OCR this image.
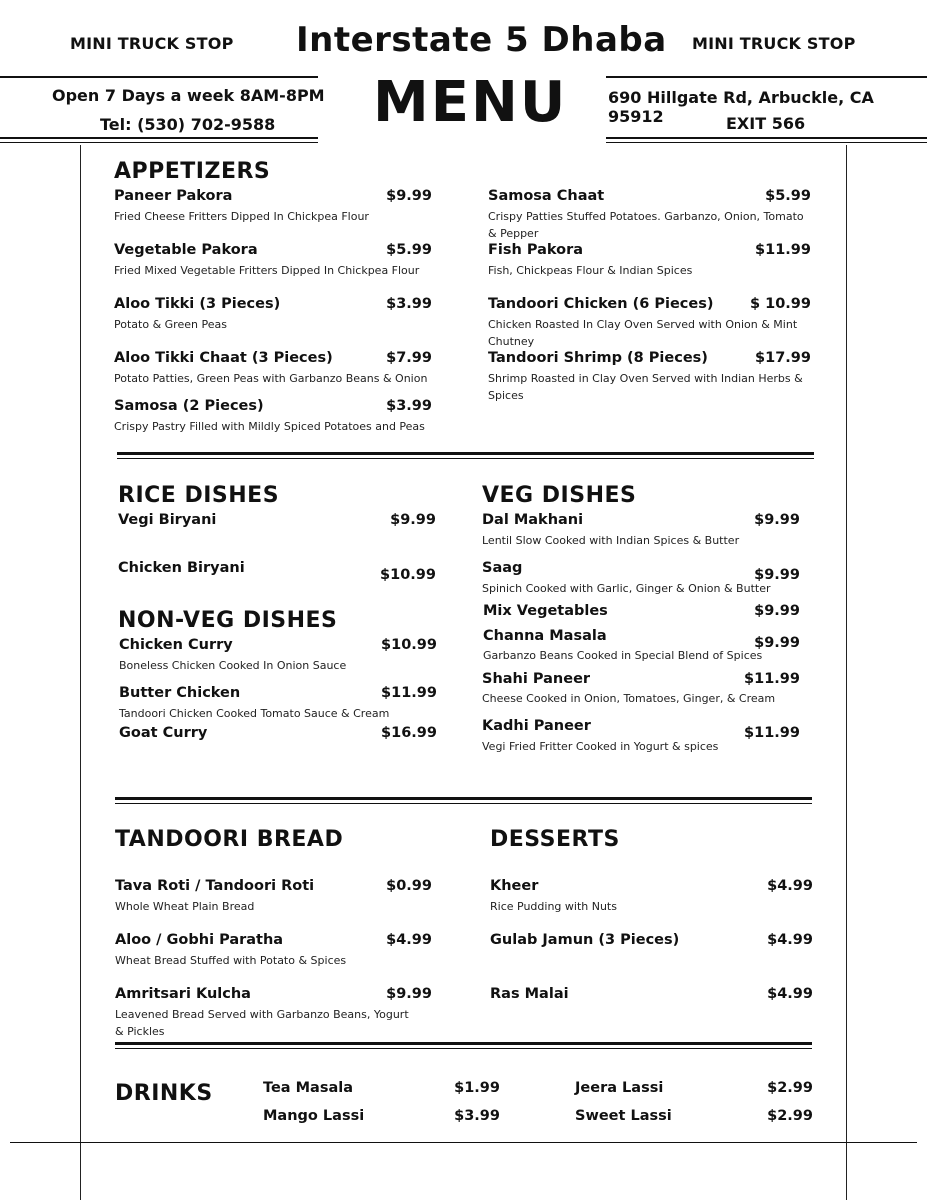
MINI TRUCK STOP	MINI TRUCK STOP
Interstate 5 Dhaba
MENU
Open 7 Days a week 8AM-8PM
Tel: (530) 702-9588
690 Hillgate Rd, Arbuckle, CA 95912	EXIT 566
APPETIZERS
Paneer Pakora	$9.99
Fried Cheese Fritters Dipped In Chickpea Flour
Vegetable Pakora	$5.99
Fried Mixed Vegetable Fritters Dipped In Chickpea Flour
Aloo Tikki (3 Pieces)	$3.99
Potato & Green Peas
Aloo Tikki Chaat (3 Pieces)	$7.99
Potato Patties, Green Peas with Garbanzo Beans & Onion
Samosa (2 Pieces)	$3.99
Crispy Pastry Filled with Mildly Spiced Potatoes and Peas
Samosa Chaat	$5.99
Crispy Patties Stuffed Potatoes. Garbanzo, Onion, Tomato & Pepper
Fish Pakora	$11.99
Fish, Chickpeas Flour & Indian Spices
Tandoori Chicken (6 Pieces)	$ 10.99
Chicken Roasted In Clay Oven Served with Onion & Mint Chutney
Tandoori Shrimp (8 Pieces)	$17.99
Shrimp Roasted in Clay Oven Served with Indian Herbs & Spices
RICE DISHES
Vegi Biryani	$9.99
Chicken Biryani	$10.99
NON-VEG DISHES
Chicken Curry	$10.99
Boneless Chicken Cooked In Onion Sauce
Butter Chicken	$11.99
Tandoori Chicken Cooked Tomato Sauce & Cream
Goat Curry	$16.99
VEG DISHES
Dal Makhani	$9.99
Lentil Slow Cooked with Indian Spices & Butter
Saag	$9.99
Spinich Cooked with Garlic, Ginger & Onion & Butter
Mix Vegetables	$9.99
Channa Masala	$9.99
Garbanzo Beans Cooked in Special Blend of Spices
Shahi Paneer	$11.99
Cheese Cooked in Onion, Tomatoes, Ginger, & Cream
Kadhi Paneer	$11.99
Vegi Fried Fritter Cooked in Yogurt & spices
TANDOORI BREAD
Tava Roti / Tandoori Roti	$0.99
Whole Wheat Plain Bread
Aloo / Gobhi Paratha	$4.99
Wheat Bread Stuffed with Potato & Spices
Amritsari Kulcha	$9.99
Leavened Bread Served with Garbanzo Beans, Yogurt & Pickles
DESSERTS
Kheer	$4.99
Rice Pudding with Nuts
Gulab Jamun (3 Pieces)	$4.99
Ras Malai	$4.99
DRINKS	Tea Masala	$1.99
Mango Lassi	$3.99
Jeera Lassi	$2.99
Sweet Lassi	$2.99
